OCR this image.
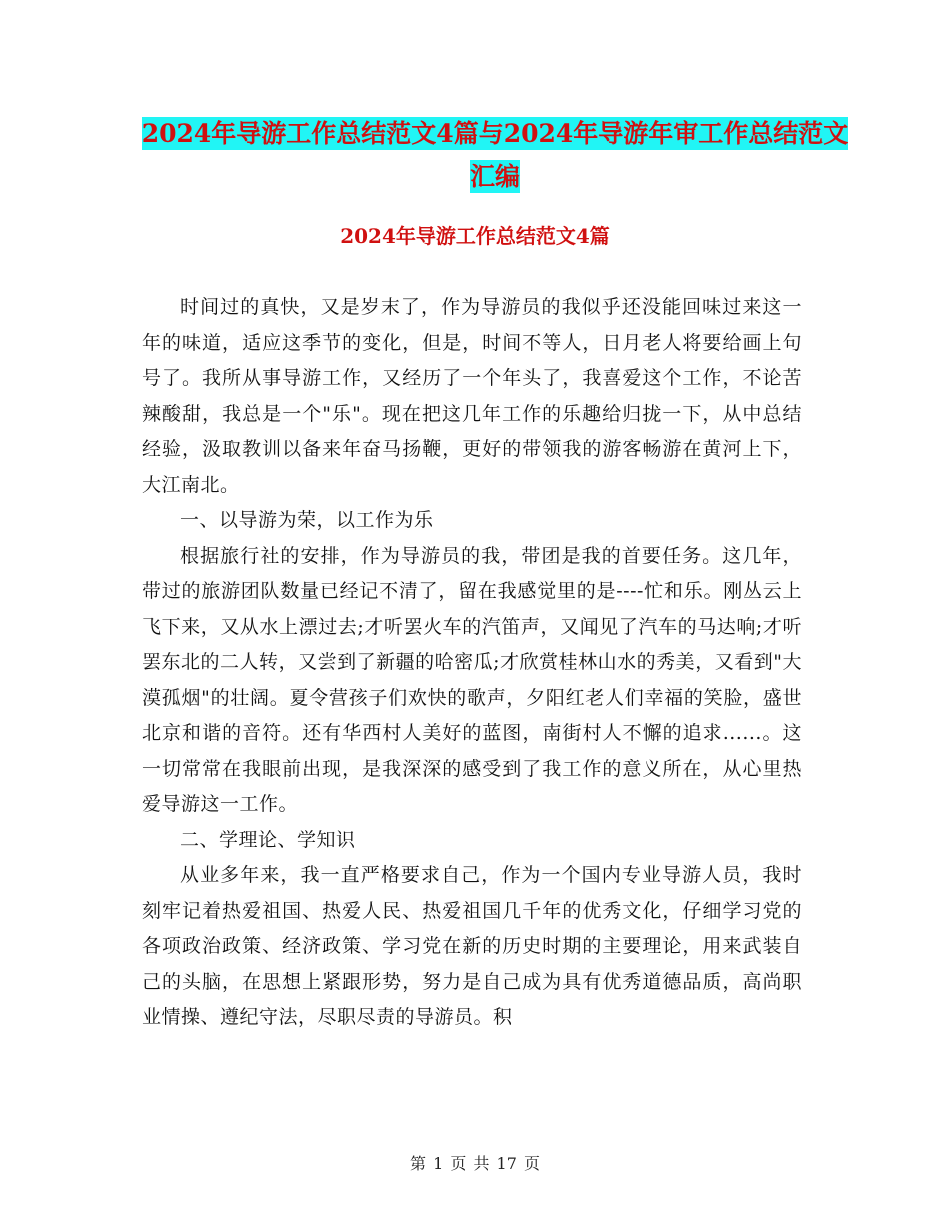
2024年导游工作总结范文4篇与2024年导游年审工作总结范文汇编
2024年导游工作总结范文4篇

时间过的真快，又是岁末了，作为导游员的我似乎还没能回味过来这一年的味道，适应这季节的变化，但是，时间不等人，日月老人将要给画上句号了。我所从事导游工作，又经历了一个年头了，我喜爱这个工作，不论苦辣酸甜，我总是一个"乐"。现在把这几年工作的乐趣给归拢一下，从中总结经验，汲取教训以备来年奋马扬鞭，更好的带领我的游客畅游在黄河上下，大江南北。

一、以导游为荣，以工作为乐

根据旅行社的安排，作为导游员的我，带团是我的首要任务。这几年，带过的旅游团队数量已经记不清了，留在我感觉里的是----忙和乐。刚丛云上飞下来，又从水上漂过去;才听罢火车的汽笛声，又闻见了汽车的马达响;才听罢东北的二人转，又尝到了新疆的哈密瓜;才欣赏桂林山水的秀美，又看到"大漠孤烟"的壮阔。夏令营孩子们欢快的歌声，夕阳红老人们幸福的笑脸，盛世北京和谐的音符。还有华西村人美好的蓝图，南街村人不懈的追求......。这一切常常在我眼前出现，是我深深的感受到了我工作的意义所在，从心里热爱导游这一工作。

二、学理论、学知识

从业多年来，我一直严格要求自己，作为一个国内专业导游人员，我时刻牢记着热爱祖国、热爱人民、热爱祖国几千年的优秀文化，仔细学习党的各项政治政策、经济政策、学习党在新的历史时期的主要理论，用来武装自己的头脑，在思想上紧跟形势，努力是自己成为具有优秀道德品质，高尚职业情操、遵纪守法，尽职尽责的导游员。积

第 1 页 共 17 页
